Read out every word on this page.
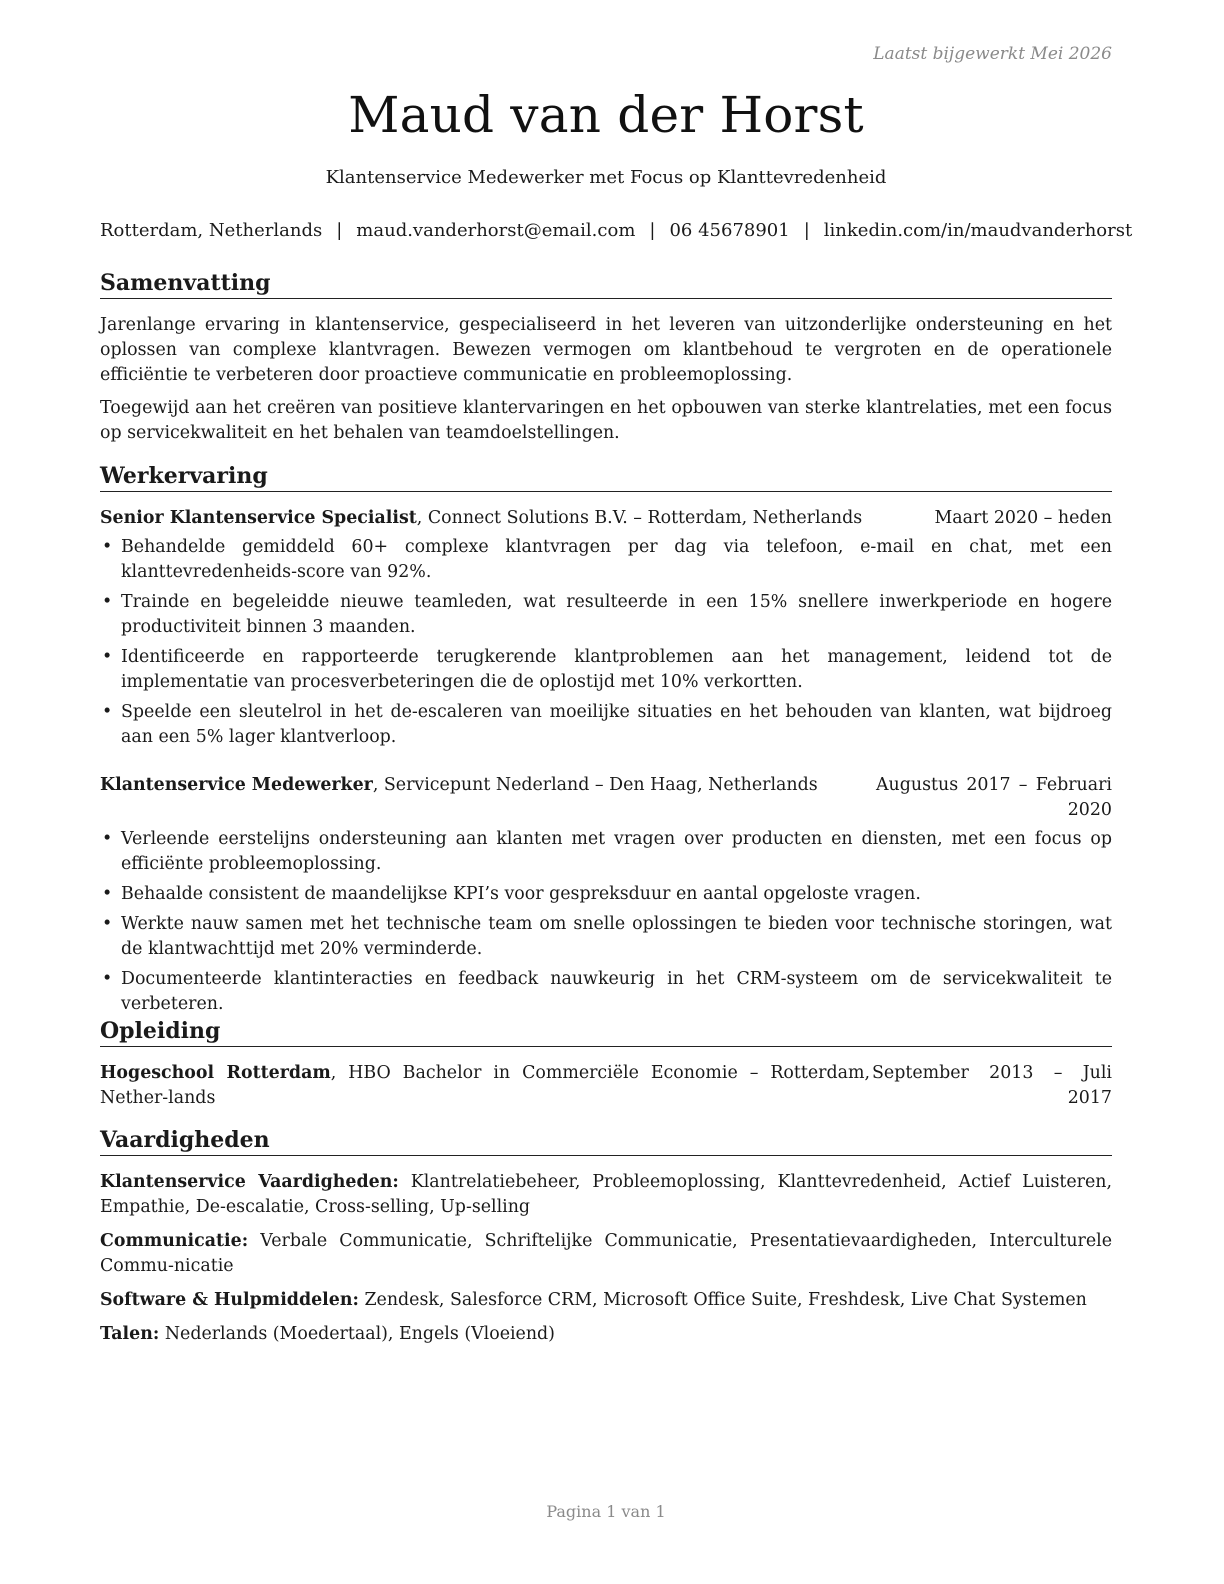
Laatst bijgewerkt Mei 2026
Maud van der Horst
Klantenservice Medewerker met Focus op Klanttevredenheid
Rotterdam, Netherlands | maud.vanderhorst@email.com | 06 45678901 | linkedin.com/in/maudvanderhorst
Samenvatting

Jarenlange ervaring in klantenservice, gespecialiseerd in het leveren van uitzonderlijke ondersteuning en het oplossen van complexe klantvragen. Bewezen vermogen om klantbehoud te vergroten en de operationele efficiëntie te verbeteren door proactieve communicatie en probleemoplossing.

Toegewijd aan het creëren van positieve klantervaringen en het opbouwen van sterke klantrelaties, met een focus op servicekwaliteit en het behalen van teamdoelstellingen.

Werkervaring
Senior Klantenservice Specialist, Connect Solutions B.V. – Rotterdam, Netherlands	Maart 2020 – heden
• Behandelde gemiddeld 60+ complexe klantvragen per dag via telefoon, e-mail en chat, met een klanttevredenheids-score van 92%.
• Trainde en begeleidde nieuwe teamleden, wat resulteerde in een 15% snellere inwerkperiode en hogere productiviteit binnen 3 maanden.
• Identificeerde en rapporteerde terugkerende klantproblemen aan het management, leidend tot de implementatie van procesverbeteringen die de oplostijd met 10% verkortten.
• Speelde een sleutelrol in het de-escaleren van moeilijke situaties en het behouden van klanten, wat bijdroeg aan een 5% lager klantverloop.
Klantenservice Medewerker, Servicepunt Nederland – Den Haag, Netherlands	Augustus 2017 – Februari 2020
• Verleende eerstelijns ondersteuning aan klanten met vragen over producten en diensten, met een focus op efficiënte probleemoplossing.
• Behaalde consistent de maandelijkse KPI’s voor gespreksduur en aantal opgeloste vragen.
• Werkte nauw samen met het technische team om snelle oplossingen te bieden voor technische storingen, wat de klantwachttijd met 20% verminderde.
• Documenteerde klantinteracties en feedback nauwkeurig in het CRM-systeem om de servicekwaliteit te verbeteren.
Opleiding
Hogeschool Rotterdam, HBO Bachelor in Commerciële Economie – Rotterdam, Nether-lands
September 2013 – Juli 2017
Vaardigheden
Klantenservice Vaardigheden: Klantrelatiebeheer, Probleemoplossing, Klanttevredenheid, Actief Luisteren, Empathie, De-escalatie, Cross-selling, Up-selling
Communicatie: Verbale Communicatie, Schriftelijke Communicatie, Presentatievaardigheden, Interculturele Commu-nicatie
Software & Hulpmiddelen: Zendesk, Salesforce CRM, Microsoft Office Suite, Freshdesk, Live Chat Systemen
Talen: Nederlands (Moedertaal), Engels (Vloeiend)
Pagina 1 van 1
